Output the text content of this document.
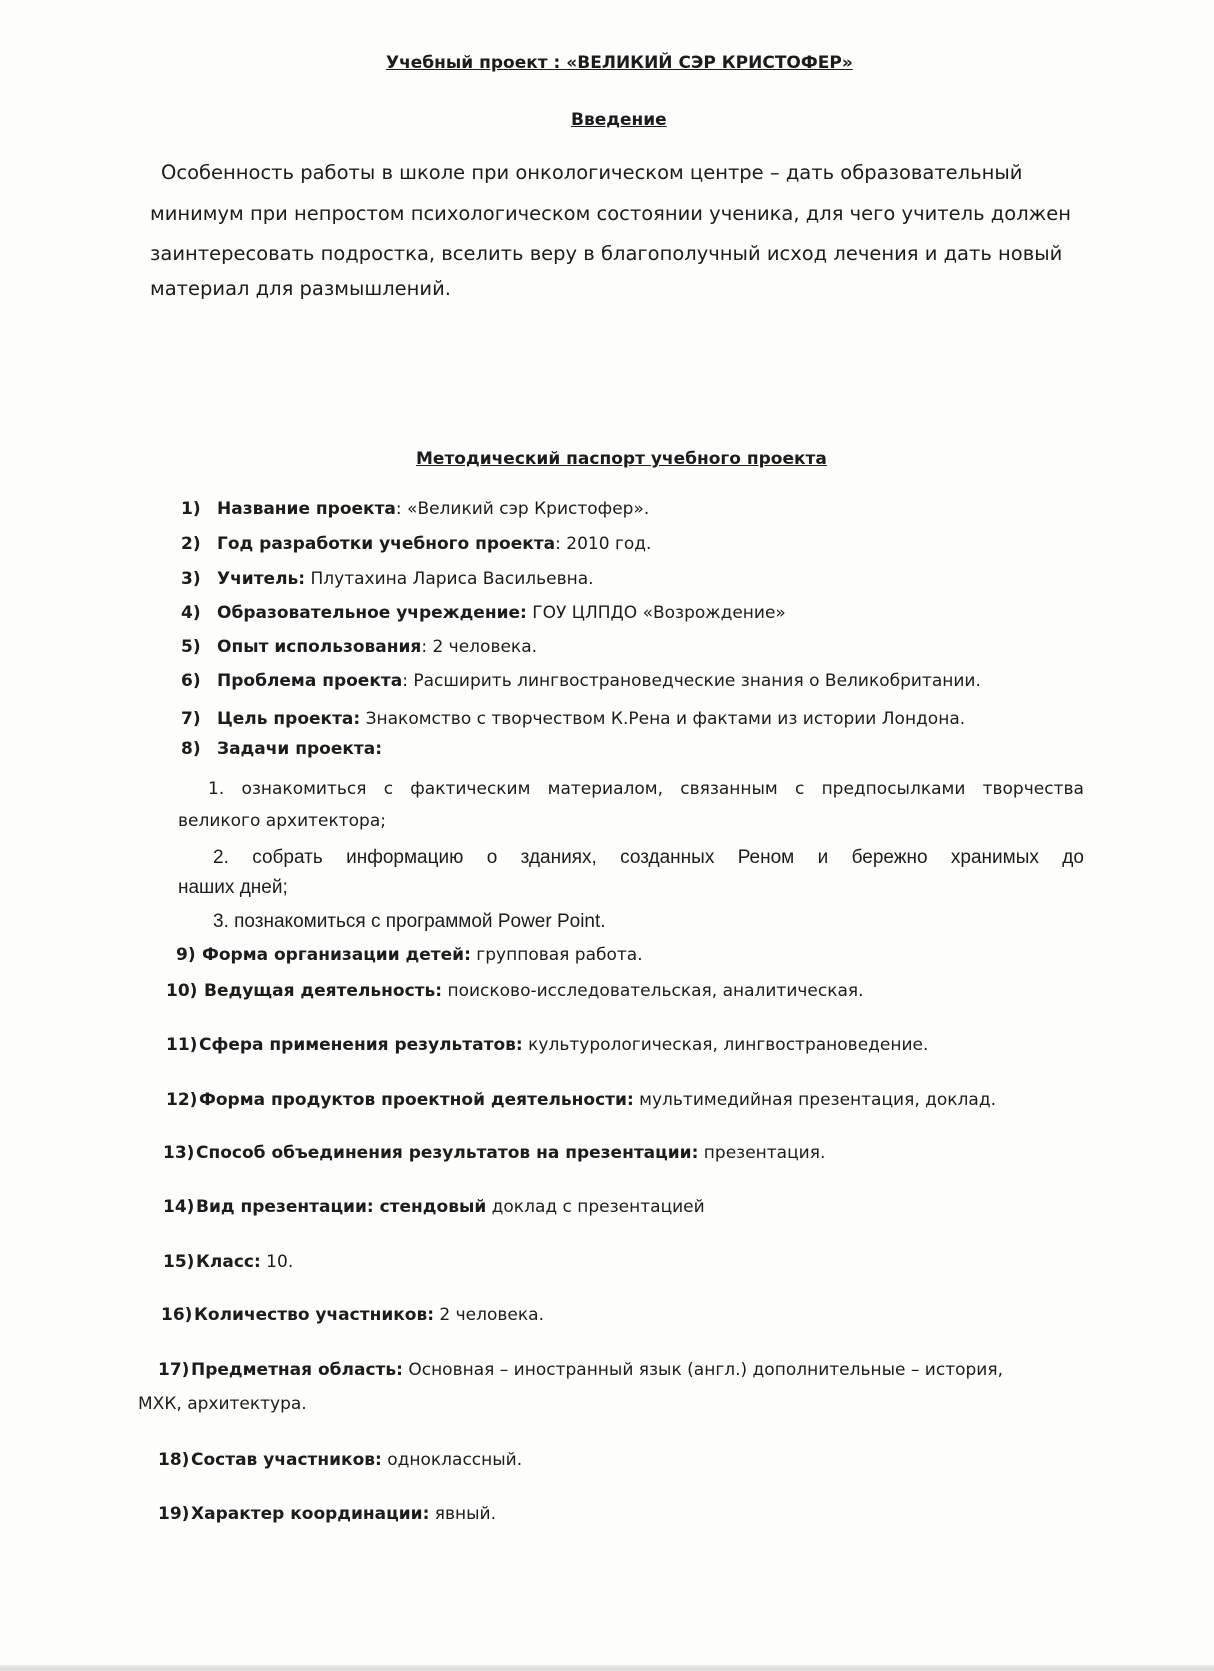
Учебный проект : «ВЕЛИКИЙ СЭР КРИСТОФЕР»
Введение
Особенность работы в школе при онкологическом центре – дать образовательный
минимум при непростом психологическом состоянии ученика, для чего учитель должен
заинтересовать подростка, вселить веру в благополучный исход лечения и дать новый
материал для размышлений.
Методический паспорт учебного проекта
1) Название проекта: «Великий сэр Кристофер».
2) Год разработки учебного проекта: 2010 год.
3) Учитель: Плутахина Лариса Васильевна.
4) Образовательное учреждение: ГОУ ЦЛПДО «Возрождение»
5) Опыт использования: 2 человека.
6) Проблема проекта: Расширить лингвострановедческие знания о Великобритании.
7) Цель проекта: Знакомство с творчеством К.Рена и фактами из истории Лондона.
8) Задачи проекта:
1. ознакомиться с фактическим материалом, связанным с предпосылками творчества
великого архитектора;
2. собрать информацию о зданиях, созданных Реном и бережно хранимых до
наших дней;
3. познакомиться с программой Power Point.
9) Форма организации детей: групповая работа.
10) Ведущая деятельность: поисково-исследовательская, аналитическая.
11)Сфера применения результатов: культурологическая, лингвострановедение.
12)Форма продуктов проектной деятельности: мультимедийная презентация, доклад.
13)Способ объединения результатов на презентации: презентация.
14)Вид презентации: стендовый доклад с презентацией
15)Класс: 10.
16)Количество участников: 2 человека.
17)Предметная область: Основная – иностранный язык (англ.) дополнительные – история,
МХК, архитектура.
18)Состав участников: одноклассный.
19)Характер координации: явный.
